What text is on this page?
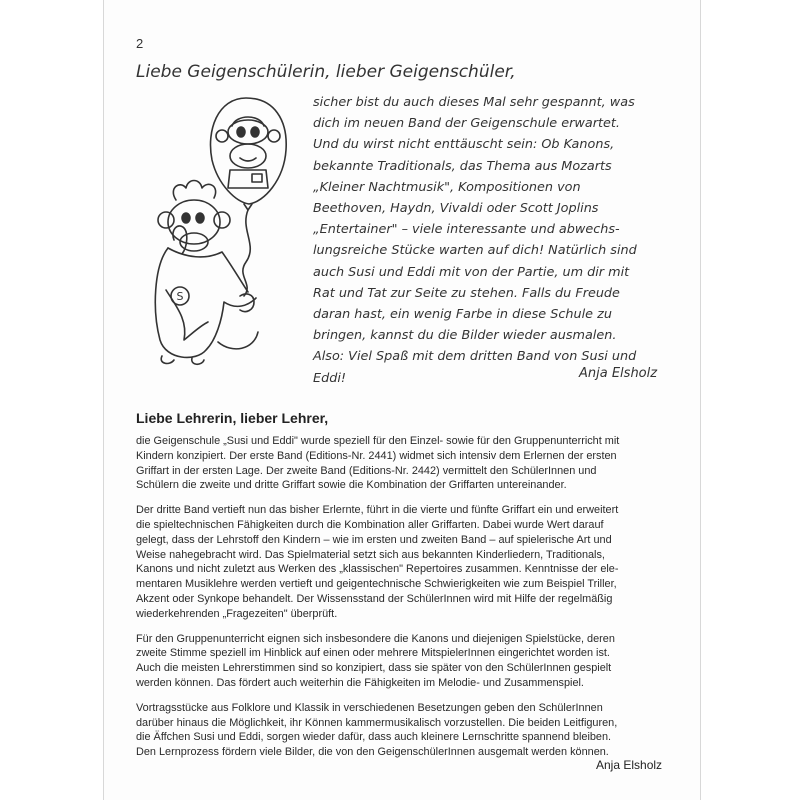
2
Liebe Geigenschülerin, lieber Geigenschüler,
S
sicher bist du auch dieses Mal sehr gespannt, was
dich im neuen Band der Geigenschule erwartet.
Und du wirst nicht enttäuscht sein: Ob Kanons,
bekannte Traditionals, das Thema aus Mozarts
„Kleiner Nachtmusik", Kompositionen von
Beethoven, Haydn, Vivaldi oder Scott Joplins
„Entertainer" – viele interessante und abwechs-
lungsreiche Stücke warten auf dich! Natürlich sind
auch Susi und Eddi mit von der Partie, um dir mit
Rat und Tat zur Seite zu stehen. Falls du Freude
daran hast, ein wenig Farbe in diese Schule zu
bringen, kannst du die Bilder wieder ausmalen.
Also: Viel Spaß mit dem dritten Band von Susi und
Eddi!	Anja Elsholz
Liebe Lehrerin, lieber Lehrer,

die Geigenschule „Susi und Eddi" wurde speziell für den Einzel- sowie für den Gruppenunterricht mit
Kindern konzipiert. Der erste Band (Editions-Nr. 2441) widmet sich intensiv dem Erlernen der ersten
Griffart in der ersten Lage. Der zweite Band (Editions-Nr. 2442) vermittelt den SchülerInnen und
Schülern die zweite und dritte Griffart sowie die Kombination der Griffarten untereinander.

Der dritte Band vertieft nun das bisher Erlernte, führt in die vierte und fünfte Griffart ein und erweitert
die spieltechnischen Fähigkeiten durch die Kombination aller Griffarten. Dabei wurde Wert darauf
gelegt, dass der Lehrstoff den Kindern – wie im ersten und zweiten Band – auf spielerische Art und
Weise nahegebracht wird. Das Spielmaterial setzt sich aus bekannten Kinderliedern, Traditionals,
Kanons und nicht zuletzt aus Werken des „klassischen" Repertoires zusammen. Kenntnisse der ele-
mentaren Musiklehre werden vertieft und geigentechnische Schwierigkeiten wie zum Beispiel Triller,
Akzent oder Synkope behandelt. Der Wissensstand der SchülerInnen wird mit Hilfe der regelmäßig
wiederkehrenden „Fragezeiten" überprüft.

Für den Gruppenunterricht eignen sich insbesondere die Kanons und diejenigen Spielstücke, deren
zweite Stimme speziell im Hinblick auf einen oder mehrere MitspielerInnen eingerichtet worden ist.
Auch die meisten Lehrerstimmen sind so konzipiert, dass sie später von den SchülerInnen gespielt
werden können. Das fördert auch weiterhin die Fähigkeiten im Melodie- und Zusammenspiel.

Vortragsstücke aus Folklore und Klassik in verschiedenen Besetzungen geben den SchülerInnen
darüber hinaus die Möglichkeit, ihr Können kammermusikalisch vorzustellen. Die beiden Leitfiguren,
die Äffchen Susi und Eddi, sorgen wieder dafür, dass auch kleinere Lernschritte spannend bleiben.
Den Lernprozess fördern viele Bilder, die von den GeigenschülerInnen ausgemalt werden können.

Anja Elsholz
